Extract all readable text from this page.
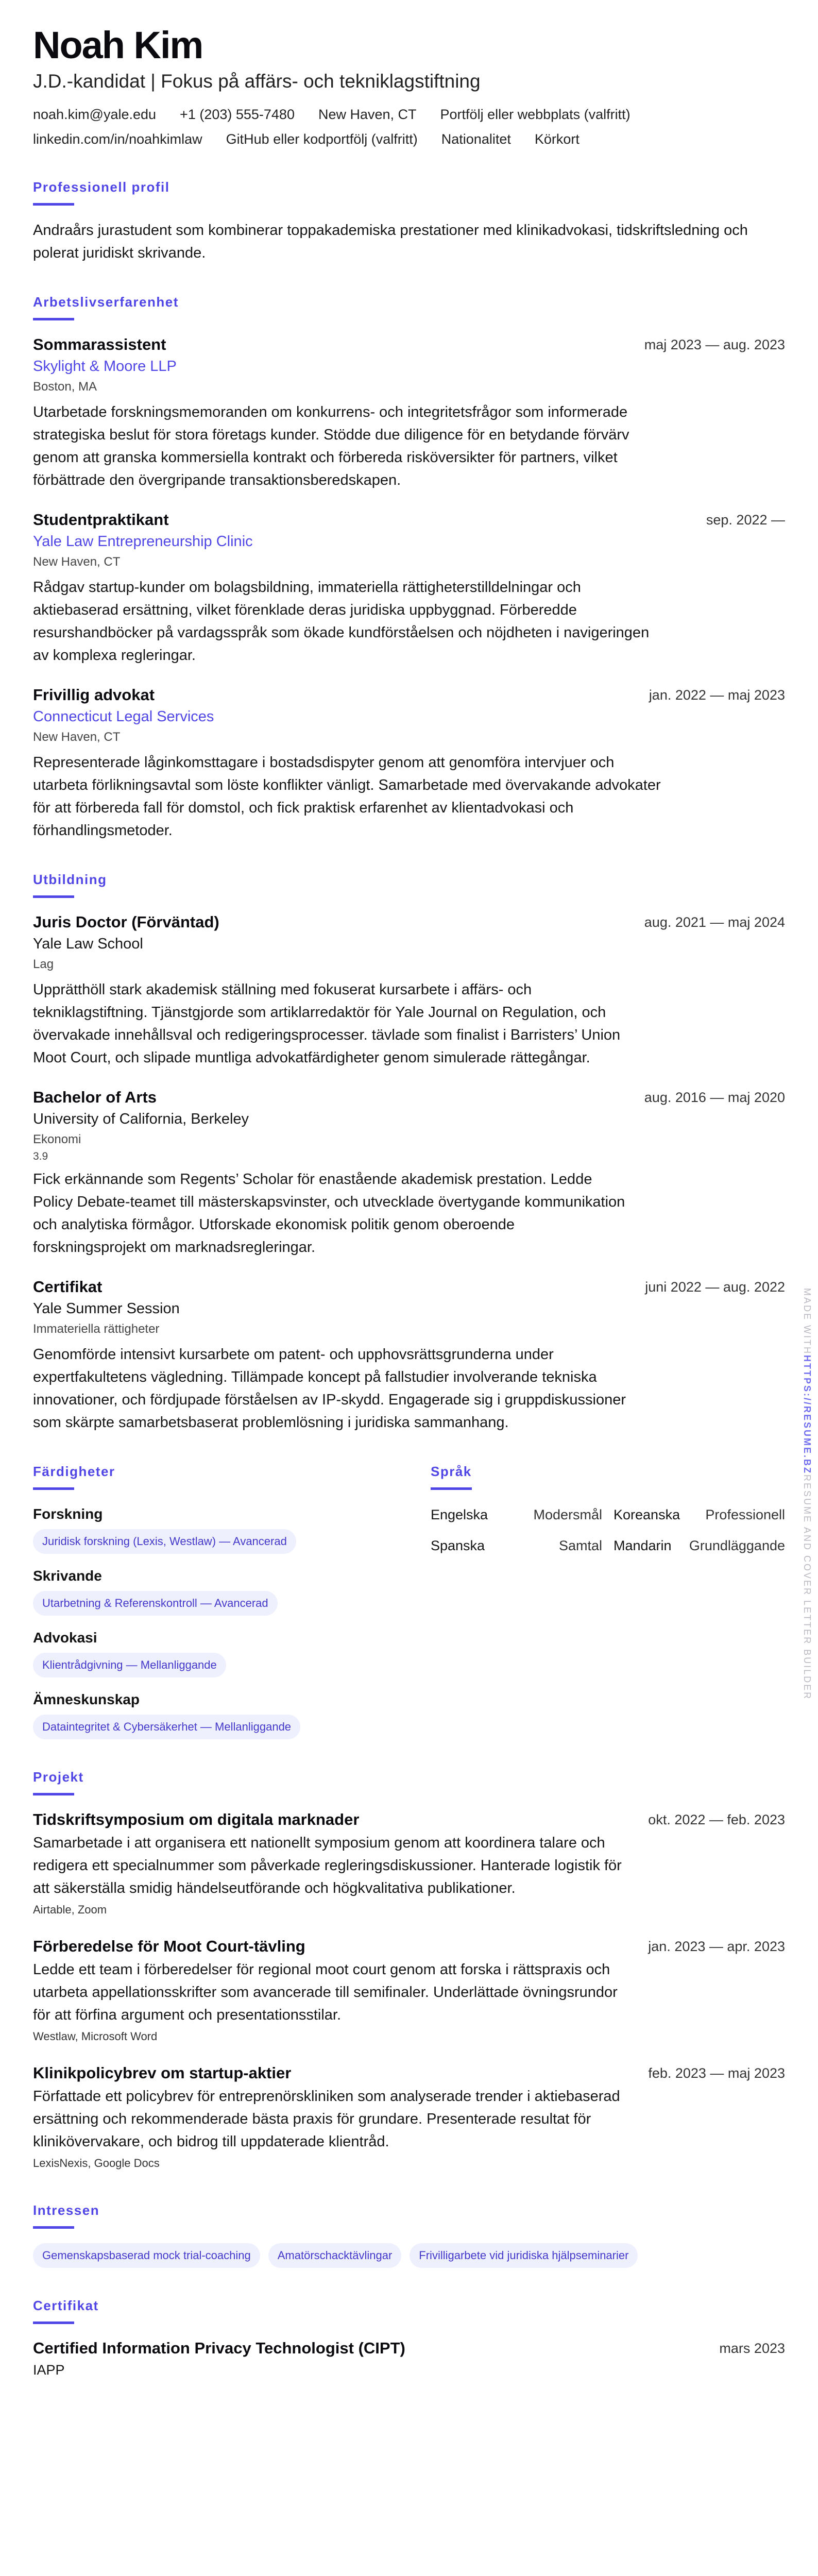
Noah Kim
J.D.-kandidat | Fokus på affärs- och tekniklagstiftning
noah.kim@yale.edu +1 (203) 555-7480 New Haven, CT Portfölj eller webbplats (valfritt)
linkedin.com/in/noahkimlaw GitHub eller kodportfölj (valfritt) Nationalitet Körkort
Professionell profil
Andraårs jurastudent som kombinerar toppakademiska prestationer med klinikadvokasi, tidskriftsledning och polerat juridiskt skrivande.
Arbetslivserfarenhet
Sommarassistent	maj 2023 — aug. 2023
Skylight & Moore LLP
Boston, MA
Utarbetade forskningsmemoranden om konkurrens- och integritetsfrågor som informerade strategiska beslut för stora företags kunder. Stödde due diligence för en betydande förvärv genom att granska kommersiella kontrakt och förbereda risköversikter för partners, vilket förbättrade den övergripande transaktionsberedskapen.
Studentpraktikant	sep. 2022 —
Yale Law Entrepreneurship Clinic
New Haven, CT
Rådgav startup-kunder om bolagsbildning, immateriella rättigheterstilldelningar och aktiebaserad ersättning, vilket förenklade deras juridiska uppbyggnad. Förberedde resurshandböcker på vardagsspråk som ökade kundförståelsen och nöjdheten i navigeringen av komplexa regleringar.
Frivillig advokat	jan. 2022 — maj 2023
Connecticut Legal Services
New Haven, CT
Representerade låginkomsttagare i bostadsdispyter genom att genomföra intervjuer och utarbeta förlikningsavtal som löste konflikter vänligt. Samarbetade med övervakande advokater för att förbereda fall för domstol, och fick praktisk erfarenhet av klientadvokasi och förhandlingsmetoder.
Utbildning
Juris Doctor (Förväntad)	aug. 2021 — maj 2024
Yale Law School
Lag
Upprätthöll stark akademisk ställning med fokuserat kursarbete i affärs- och tekniklagstiftning. Tjänstgjorde som artiklarredaktör för Yale Journal on Regulation, och övervakade innehållsval och redigeringsprocesser. tävlade som finalist i Barristers’ Union Moot Court, och slipade muntliga advokatfärdigheter genom simulerade rättegångar.
Bachelor of Arts	aug. 2016 — maj 2020
University of California, Berkeley
Ekonomi
3.9
Fick erkännande som Regents’ Scholar för enastående akademisk prestation. Ledde Policy Debate-teamet till mästerskapsvinster, och utvecklade övertygande kommunikation och analytiska förmågor. Utforskade ekonomisk politik genom oberoende forskningsprojekt om marknadsregleringar.
Certifikat	juni 2022 — aug. 2022
Yale Summer Session
Immateriella rättigheter
Genomförde intensivt kursarbete om patent- och upphovsrättsgrunderna under expertfakultetens vägledning. Tillämpade koncept på fallstudier involverande tekniska innovationer, och fördjupade förståelsen av IP-skydd. Engagerade sig i gruppdiskussioner som skärpte samarbetsbaserat problemlösning i juridiska sammanhang.
Färdigheter
Forskning
Juridisk forskning (Lexis, Westlaw) — Avancerad
Skrivande
Utarbetning & Referenskontroll — Avancerad
Advokasi
Klientrådgivning — Mellanliggande
Ämneskunskap
Dataintegritet & Cybersäkerhet — Mellanliggande
Språk
Engelska	Modersmål Koreanska Professionell
Spanska	Samtal Mandarin Grundläggande
Projekt
Tidskriftsymposium om digitala marknader	okt. 2022 — feb. 2023
Samarbetade i att organisera ett nationellt symposium genom att koordinera talare och redigera ett specialnummer som påverkade regleringsdiskussioner. Hanterade logistik för att säkerställa smidig händelseutförande och högkvalitativa publikationer.
Airtable, Zoom
Förberedelse för Moot Court-tävling	jan. 2023 — apr. 2023
Ledde ett team i förberedelser för regional moot court genom att forska i rättspraxis och utarbeta appellationsskrifter som avancerade till semifinaler. Underlättade övningsrundor för att förfina argument och presentationsstilar.
Westlaw, Microsoft Word
Klinikpolicybrev om startup-aktier	feb. 2023 — maj 2023
Författade ett policybrev för entreprenörskliniken som analyserade trender i aktiebaserad ersättning och rekommenderade bästa praxis för grundare. Presenterade resultat för klinikövervakare, och bidrog till uppdaterade klientråd.
LexisNexis, Google Docs
Intressen
Gemenskapsbaserad mock trial-coaching	Amatörschacktävlingar	Frivilligarbete vid juridiska hjälpseminarier
Certifikat
Certified Information Privacy Technologist (CIPT)	mars 2023
IAPP
MADE WITHHTTPS://RESUME.BZRESUME AND COVER LETTER BUILDER
